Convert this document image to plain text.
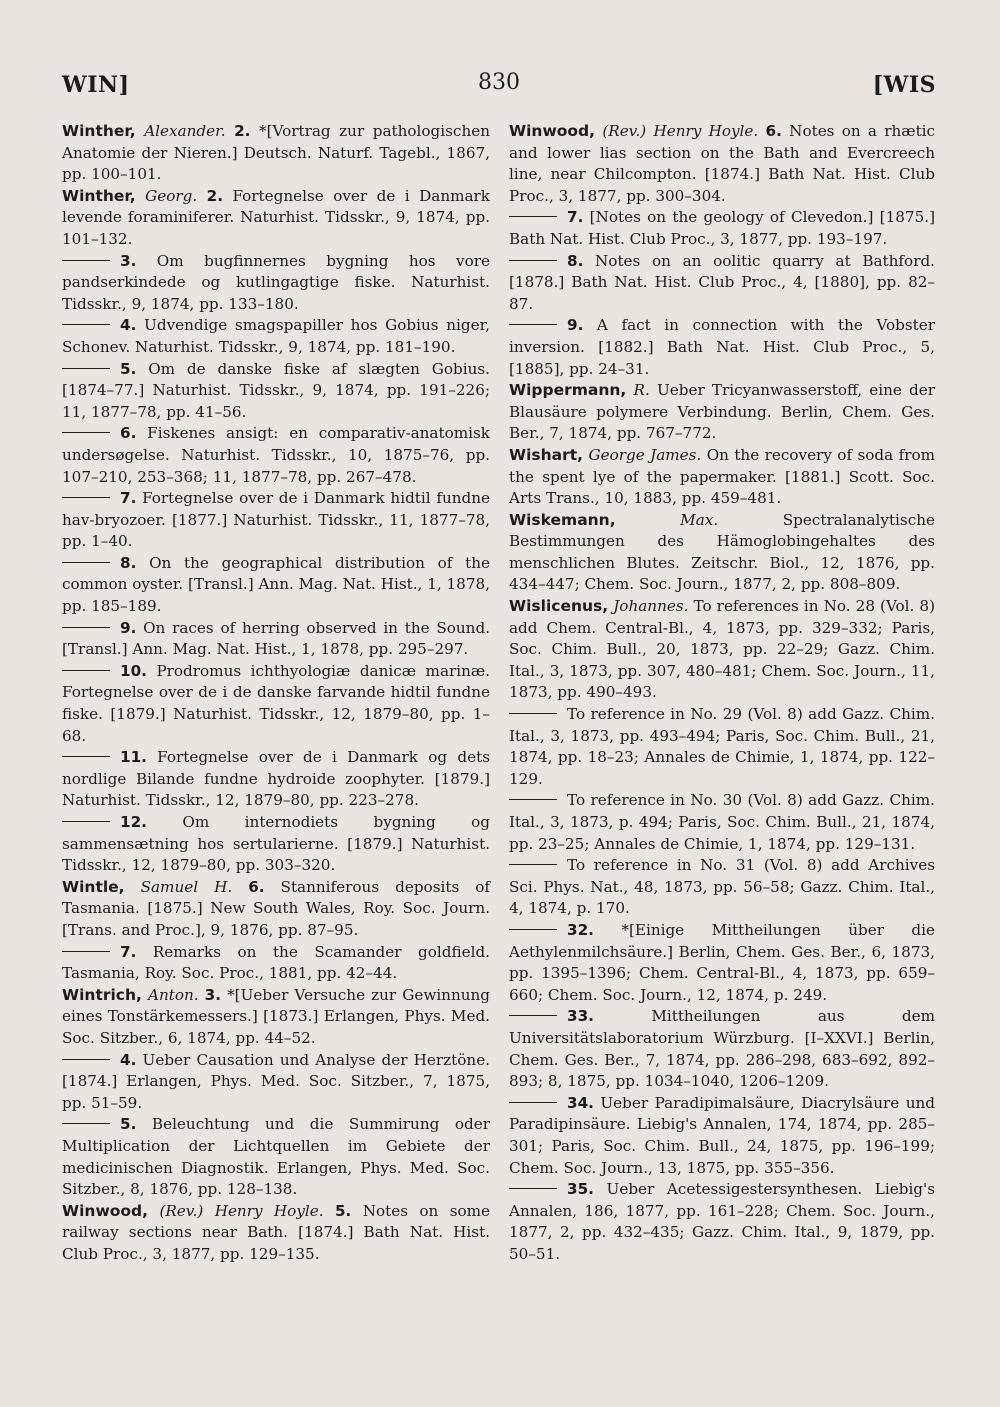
WIN]	830	[WIS

Winther, Alexander. 2. *[Vortrag zur pathologischen Anatomie der Nieren.] Deutsch. Naturf. Tagebl., 1867, pp. 100–101.

Winther, Georg. 2. Fortegnelse over de i Danmark levende foraminiferer. Naturhist. Tidsskr., 9, 1874, pp. 101–132.

3. Om bugfinnernes bygning hos vore pandserkindede og kutlingagtige fiske. Naturhist. Tidsskr., 9, 1874, pp. 133–180.

4. Udvendige smagspapiller hos Gobius niger, Schonev. Naturhist. Tidsskr., 9, 1874, pp. 181–190.

5. Om de danske fiske af slægten Gobius. [1874–77.] Naturhist. Tidsskr., 9, 1874, pp. 191–226; 11, 1877–78, pp. 41–56.

6. Fiskenes ansigt: en comparativ-anatomisk undersøgelse. Naturhist. Tidsskr., 10, 1875–76, pp. 107–210, 253–368; 11, 1877–78, pp. 267–478.

7. Fortegnelse over de i Danmark hidtil fundne hav-bryozoer. [1877.] Naturhist. Tidsskr., 11, 1877–78, pp. 1–40.

8. On the geographical distribution of the common oyster. [Transl.] Ann. Mag. Nat. Hist., 1, 1878, pp. 185–189.

9. On races of herring observed in the Sound. [Transl.] Ann. Mag. Nat. Hist., 1, 1878, pp. 295–297.

10. Prodromus ichthyologiæ danicæ marinæ. Fortegnelse over de i de danske farvande hidtil fundne fiske. [1879.] Naturhist. Tidsskr., 12, 1879–80, pp. 1–68.

11. Fortegnelse over de i Danmark og dets nordlige Bilande fundne hydroide zoophyter. [1879.] Naturhist. Tidsskr., 12, 1879–80, pp. 223–278.

12. Om internodiets bygning og sammensætning hos sertularierne. [1879.] Naturhist. Tidsskr., 12, 1879–80, pp. 303–320.

Wintle, Samuel H. 6. Stanniferous deposits of Tasmania. [1875.] New South Wales, Roy. Soc. Journ. [Trans. and Proc.], 9, 1876, pp. 87–95.

7. Remarks on the Scamander goldfield. Tasmania, Roy. Soc. Proc., 1881, pp. 42–44.

Wintrich, Anton. 3. *[Ueber Versuche zur Gewinnung eines Tonstärkemessers.] [1873.] Erlangen, Phys. Med. Soc. Sitzber., 6, 1874, pp. 44–52.

4. Ueber Causation und Analyse der Herztöne. [1874.] Erlangen, Phys. Med. Soc. Sitzber., 7, 1875, pp. 51–59.

5. Beleuchtung und die Summirung oder Multiplication der Lichtquellen im Gebiete der medicinischen Diagnostik. Erlangen, Phys. Med. Soc. Sitzber., 8, 1876, pp. 128–138.

Winwood, (Rev.) Henry Hoyle. 5. Notes on some railway sections near Bath. [1874.] Bath Nat. Hist. Club Proc., 3, 1877, pp. 129–135.

Winwood, (Rev.) Henry Hoyle. 6. Notes on a rhætic and lower lias section on the Bath and Evercreech line, near Chilcompton. [1874.] Bath Nat. Hist. Club Proc., 3, 1877, pp. 300–304.

7. [Notes on the geology of Clevedon.] [1875.] Bath Nat. Hist. Club Proc., 3, 1877, pp. 193–197.

8. Notes on an oolitic quarry at Bathford. [1878.] Bath Nat. Hist. Club Proc., 4, [1880], pp. 82–87.

9. A fact in connection with the Vobster inversion. [1882.] Bath Nat. Hist. Club Proc., 5, [1885], pp. 24–31.

Wippermann, R. Ueber Tricyanwasserstoff, eine der Blausäure polymere Verbindung. Berlin, Chem. Ges. Ber., 7, 1874, pp. 767–772.

Wishart, George James. On the recovery of soda from the spent lye of the papermaker. [1881.] Scott. Soc. Arts Trans., 10, 1883, pp. 459–481.

Wiskemann,	Max.	Spectralanalytische Bestimmungen des Hämoglobingehaltes des menschlichen Blutes. Zeitschr. Biol., 12, 1876, pp. 434–447; Chem. Soc. Journ., 1877, 2, pp. 808–809.

Wislicenus, Johannes. To references in No. 28 (Vol. 8) add Chem. Central-Bl., 4, 1873, pp. 329–332; Paris, Soc. Chim. Bull., 20, 1873, pp. 22–29; Gazz. Chim. Ital., 3, 1873, pp. 307, 480–481; Chem. Soc. Journ., 11, 1873, pp. 490–493.

To reference in No. 29 (Vol. 8) add Gazz. Chim. Ital., 3, 1873, pp. 493–494; Paris, Soc. Chim. Bull., 21, 1874, pp. 18–23; Annales de Chimie, 1, 1874, pp. 122–129.

To reference in No. 30 (Vol. 8) add Gazz. Chim. Ital., 3, 1873, p. 494; Paris, Soc. Chim. Bull., 21, 1874, pp. 23–25; Annales de Chimie, 1, 1874, pp. 129–131.

To reference in No. 31 (Vol. 8) add Archives Sci. Phys. Nat., 48, 1873, pp. 56–58; Gazz. Chim. Ital., 4, 1874, p. 170.

32. *[Einige Mittheilungen über die Aethylenmilchsäure.] Berlin, Chem. Ges. Ber., 6, 1873, pp. 1395–1396; Chem. Central-Bl., 4, 1873, pp. 659–660; Chem. Soc. Journ., 12, 1874, p. 249.

33.	Mittheilungen aus dem Universitätslaboratorium Würzburg. [I–XXVI.] Berlin, Chem. Ges. Ber., 7, 1874, pp. 286–298, 683–692, 892–893; 8, 1875, pp. 1034–1040, 1206–1209.

34. Ueber Paradipimalsäure, Diacrylsäure und Paradipinsäure. Liebig's Annalen, 174, 1874, pp. 285–301; Paris, Soc. Chim. Bull., 24, 1875, pp. 196–199; Chem. Soc. Journ., 13, 1875, pp. 355–356.

35. Ueber Acetessigestersynthesen. Liebig's Annalen, 186, 1877, pp. 161–228; Chem. Soc. Journ., 1877, 2, pp. 432–435; Gazz. Chim. Ital., 9, 1879, pp. 50–51.
